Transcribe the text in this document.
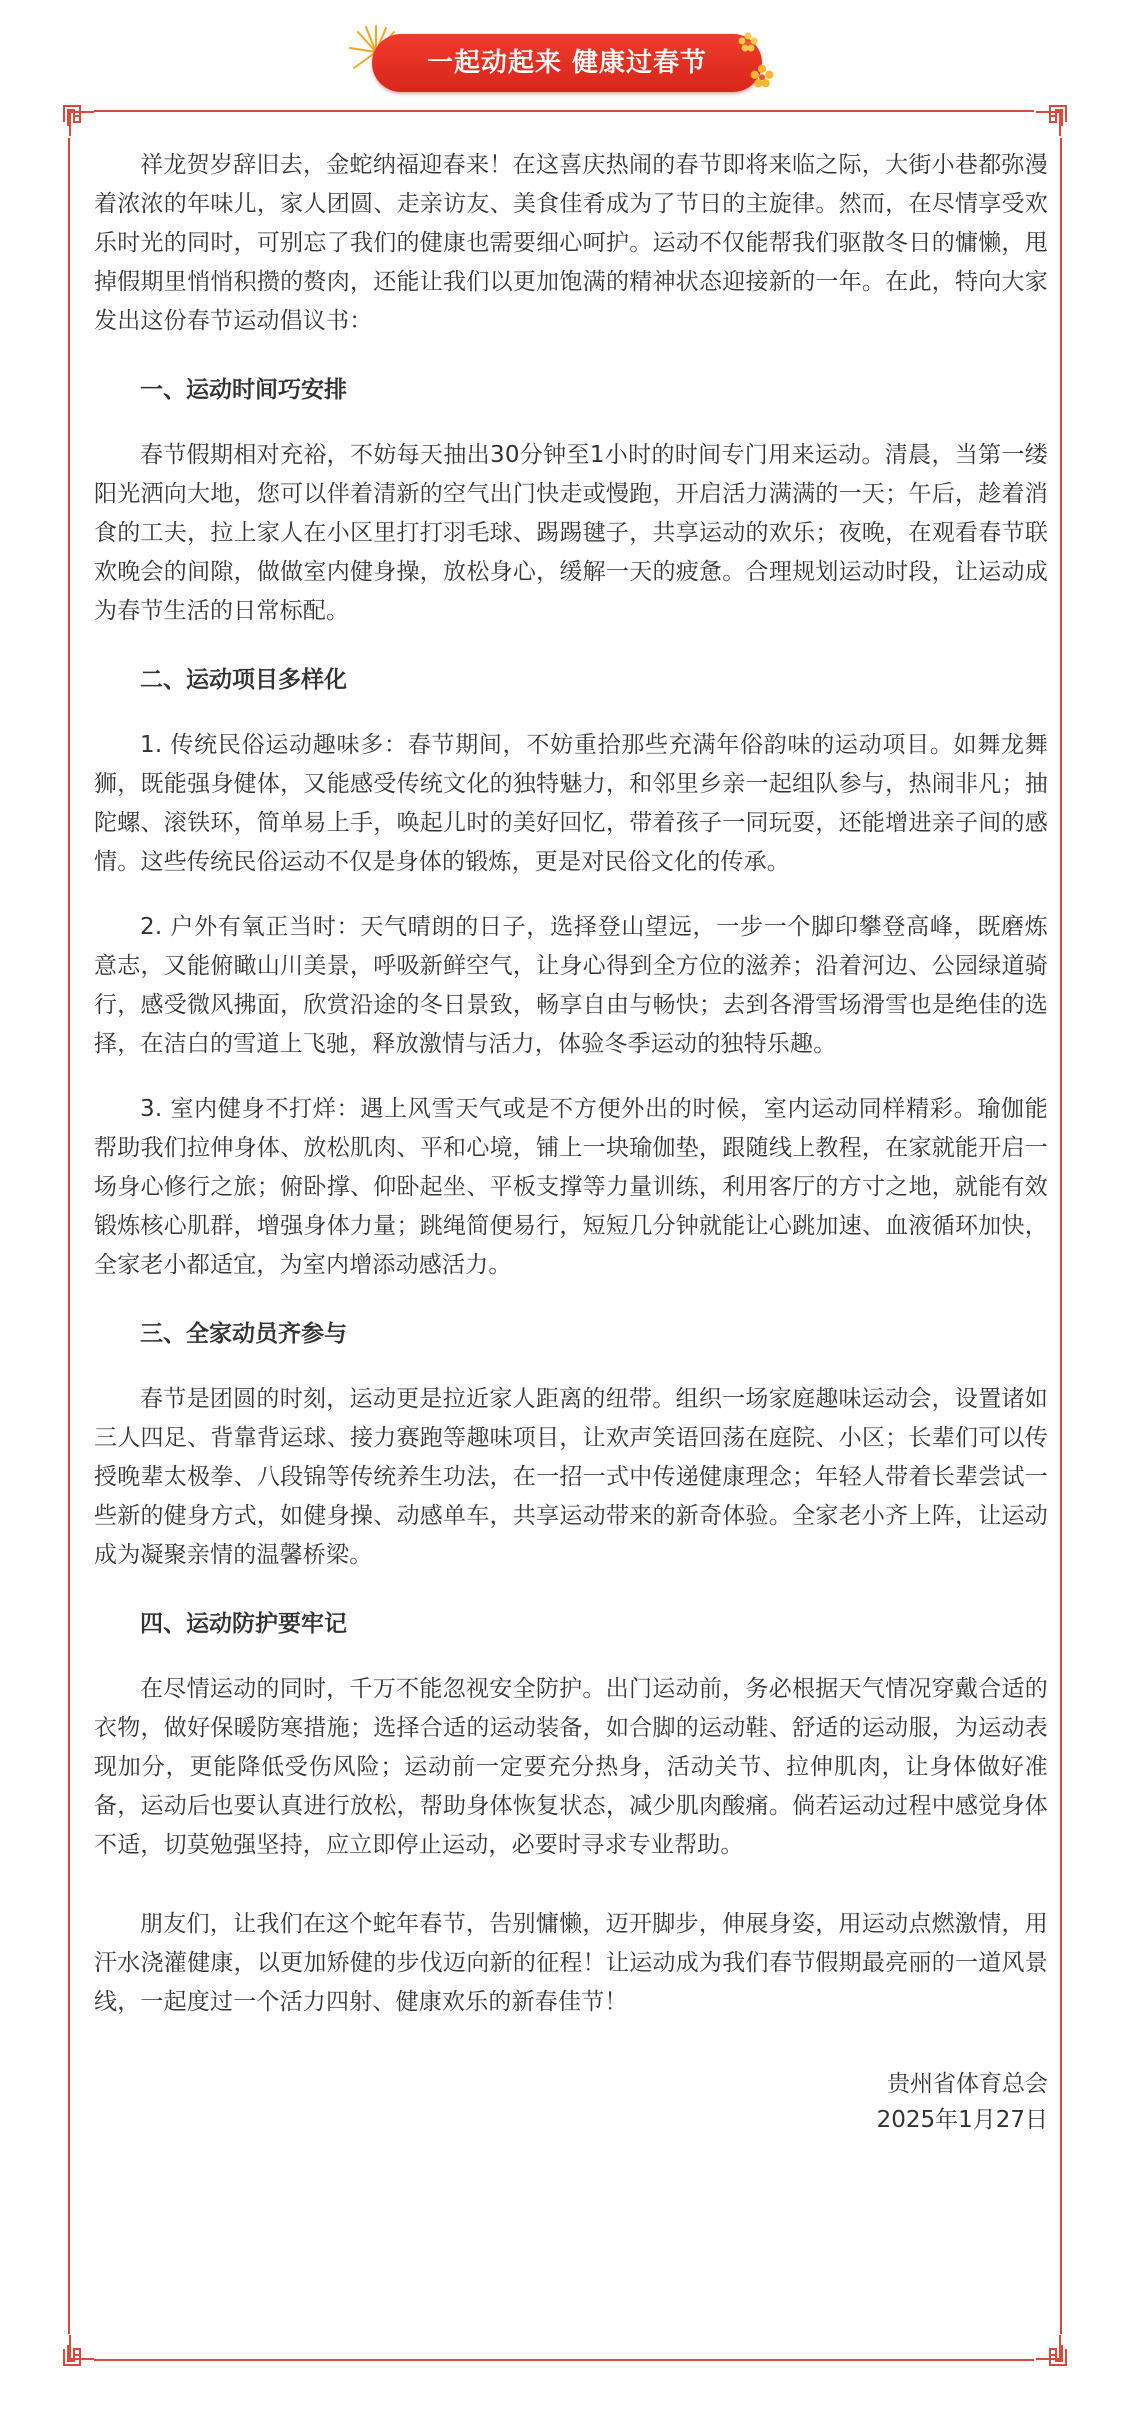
一起动起来 健康过春节

祥龙贺岁辞旧去，金蛇纳福迎春来！在这喜庆热闹的春节即将来临之际，大街小巷都弥漫着浓浓的年味儿，家人团圆、走亲访友、美食佳肴成为了节日的主旋律。然而，在尽情享受欢乐时光的同时，可别忘了我们的健康也需要细心呵护。运动不仅能帮我们驱散冬日的慵懒，甩掉假期里悄悄积攒的赘肉，还能让我们以更加饱满的精神状态迎接新的一年。在此，特向大家发出这份春节运动倡议书：

一、运动时间巧安排

春节假期相对充裕，不妨每天抽出30分钟至1小时的时间专门用来运动。清晨，当第一缕阳光洒向大地，您可以伴着清新的空气出门快走或慢跑，开启活力满满的一天；午后，趁着消食的工夫，拉上家人在小区里打打羽毛球、踢踢毽子，共享运动的欢乐；夜晚，在观看春节联欢晚会的间隙，做做室内健身操，放松身心，缓解一天的疲惫。合理规划运动时段，让运动成为春节生活的日常标配。

二、运动项目多样化

1. 传统民俗运动趣味多：春节期间，不妨重拾那些充满年俗韵味的运动项目。如舞龙舞狮，既能强身健体，又能感受传统文化的独特魅力，和邻里乡亲一起组队参与，热闹非凡；抽陀螺、滚铁环，简单易上手，唤起儿时的美好回忆，带着孩子一同玩耍，还能增进亲子间的感情。这些传统民俗运动不仅是身体的锻炼，更是对民俗文化的传承。

2. 户外有氧正当时：天气晴朗的日子，选择登山望远，一步一个脚印攀登高峰，既磨炼意志，又能俯瞰山川美景，呼吸新鲜空气，让身心得到全方位的滋养；沿着河边、公园绿道骑行，感受微风拂面，欣赏沿途的冬日景致，畅享自由与畅快；去到各滑雪场滑雪也是绝佳的选择，在洁白的雪道上飞驰，释放激情与活力，体验冬季运动的独特乐趣。

3. 室内健身不打烊：遇上风雪天气或是不方便外出的时候，室内运动同样精彩。瑜伽能帮助我们拉伸身体、放松肌肉、平和心境，铺上一块瑜伽垫，跟随线上教程，在家就能开启一场身心修行之旅；俯卧撑、仰卧起坐、平板支撑等力量训练，利用客厅的方寸之地，就能有效锻炼核心肌群，增强身体力量；跳绳简便易行，短短几分钟就能让心跳加速、血液循环加快，全家老小都适宜，为室内增添动感活力。

三、全家动员齐参与

春节是团圆的时刻，运动更是拉近家人距离的纽带。组织一场家庭趣味运动会，设置诸如三人四足、背靠背运球、接力赛跑等趣味项目，让欢声笑语回荡在庭院、小区；长辈们可以传授晚辈太极拳、八段锦等传统养生功法，在一招一式中传递健康理念；年轻人带着长辈尝试一些新的健身方式，如健身操、动感单车，共享运动带来的新奇体验。全家老小齐上阵，让运动成为凝聚亲情的温馨桥梁。

四、运动防护要牢记

在尽情运动的同时，千万不能忽视安全防护。出门运动前，务必根据天气情况穿戴合适的衣物，做好保暖防寒措施；选择合适的运动装备，如合脚的运动鞋、舒适的运动服，为运动表现加分，更能降低受伤风险；运动前一定要充分热身，活动关节、拉伸肌肉，让身体做好准备，运动后也要认真进行放松，帮助身体恢复状态，减少肌肉酸痛。倘若运动过程中感觉身体不适，切莫勉强坚持，应立即停止运动，必要时寻求专业帮助。

朋友们，让我们在这个蛇年春节，告别慵懒，迈开脚步，伸展身姿，用运动点燃激情，用汗水浇灌健康，以更加矫健的步伐迈向新的征程！让运动成为我们春节假期最亮丽的一道风景线，一起度过一个活力四射、健康欢乐的新春佳节！

贵州省体育总会

2025年1月27日
